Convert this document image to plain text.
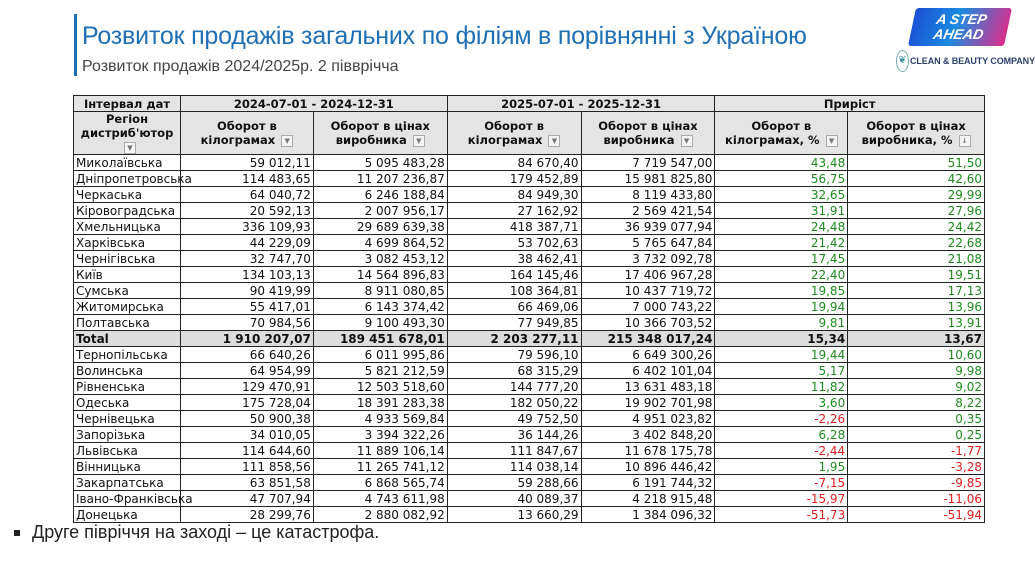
Розвиток продажів загальних по філіям в порівнянні з Україною
Розвиток продажів 2024/2025р. 2 півврічча
A STEP
AHEAD
❦ CLEAN & BEAUTY COMPANY
Інтервал дат	2024-07-01 - 2024-12-31		2025-07-01 - 2025-12-31		Приріст	
Регіон дистриб'ютор▼	Оборот в кілограмах ▼	Оборот в цінах виробника ▼	Оборот в кілограмах ▼	Оборот в цінах виробника ▼	Оборот в кілограмах, % ▼	Оборот в цінах виробника, % ↓
Миколаївська	59 012,11	5 095 483,28	84 670,40	7 719 547,00	43,48	51,50
Дніпропетровська	114 483,65	11 207 236,87	179 452,89	15 981 825,80	56,75	42,60
Черкаська	64 040,72	6 246 188,84	84 949,30	8 119 433,80	32,65	29,99
Кіровоградська	20 592,13	2 007 956,17	27 162,92	2 569 421,54	31,91	27,96
Хмельницька	336 109,93	29 689 639,38	418 387,71	36 939 077,94	24,48	24,42
Харківська	44 229,09	4 699 864,52	53 702,63	5 765 647,84	21,42	22,68
Чернігівська	32 747,70	3 082 453,12	38 462,41	3 732 092,78	17,45	21,08
Київ	134 103,13	14 564 896,83	164 145,46	17 406 967,28	22,40	19,51
Сумська	90 419,99	8 911 080,85	108 364,81	10 437 719,72	19,85	17,13
Житомирська	55 417,01	6 143 374,42	66 469,06	7 000 743,22	19,94	13,96
Полтавська	70 984,56	9 100 493,30	77 949,85	10 366 703,52	9,81	13,91
Total	1 910 207,07	189 451 678,01	2 203 277,11	215 348 017,24	15,34	13,67
Тернопільська	66 640,26	6 011 995,86	79 596,10	6 649 300,26	19,44	10,60
Волинська	64 954,99	5 821 212,59	68 315,29	6 402 101,04	5,17	9,98
Рівненська	129 470,91	12 503 518,60	144 777,20	13 631 483,18	11,82	9,02
Одеська	175 728,04	18 391 283,38	182 050,22	19 902 701,98	3,60	8,22
Чернівецька	50 900,38	4 933 569,84	49 752,50	4 951 023,82	-2,26	0,35
Запорізька	34 010,05	3 394 322,26	36 144,26	3 402 848,20	6,28	0,25
Львівська	114 644,60	11 889 106,14	111 847,67	11 678 175,78	-2,44	-1,77
Вінницька	111 858,56	11 265 741,12	114 038,14	10 896 446,42	1,95	-3,28
Закарпатська	63 851,58	6 868 565,74	59 288,66	6 191 744,32	-7,15	-9,85
Івано-Франківська	47 707,94	4 743 611,98	40 089,37	4 218 915,48	-15,97	-11,06
Донецька	28 299,76	2 880 082,92	13 660,29	1 384 096,32	-51,73	-51,94
Друге півріччя на заході – це катастрофа.
